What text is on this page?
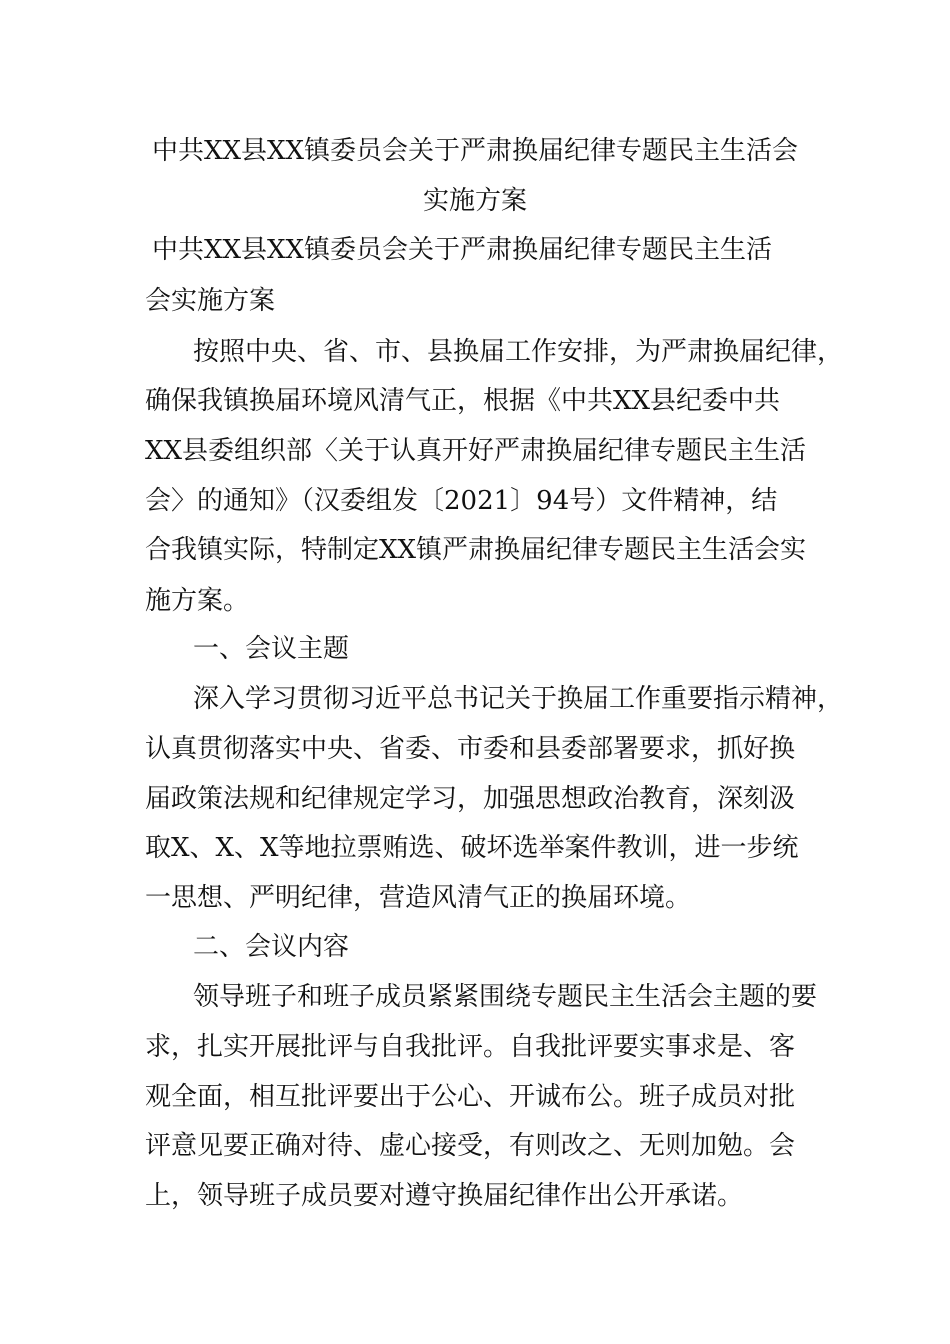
中共XX县XX镇委员会关于严肃换届纪律专题民主生活会
实施方案
中共XX县XX镇委员会关于严肃换届纪律专题民主生活
会实施方案
按照中央、省、市、县换届工作安排，为严肃换届纪律，
确保我镇换届环境风清气正，根据《中共XX县纪委中共
XX县委组织部〈关于认真开好严肃换届纪律专题民主生活
会〉的通知》（汉委组发〔2021〕94号）文件精神，结
合我镇实际，特制定XX镇严肃换届纪律专题民主生活会实
施方案。
一、会议主题
深入学习贯彻习近平总书记关于换届工作重要指示精神，
认真贯彻落实中央、省委、市委和县委部署要求，抓好换
届政策法规和纪律规定学习，加强思想政治教育，深刻汲
取X、X、X等地拉票贿选、破坏选举案件教训，进一步统
一思想、严明纪律，营造风清气正的换届环境。
二、会议内容
领导班子和班子成员紧紧围绕专题民主生活会主题的要
求，扎实开展批评与自我批评。自我批评要实事求是、客
观全面，相互批评要出于公心、开诚布公。班子成员对批
评意见要正确对待、虚心接受，有则改之、无则加勉。会
上，领导班子成员要对遵守换届纪律作出公开承诺。
